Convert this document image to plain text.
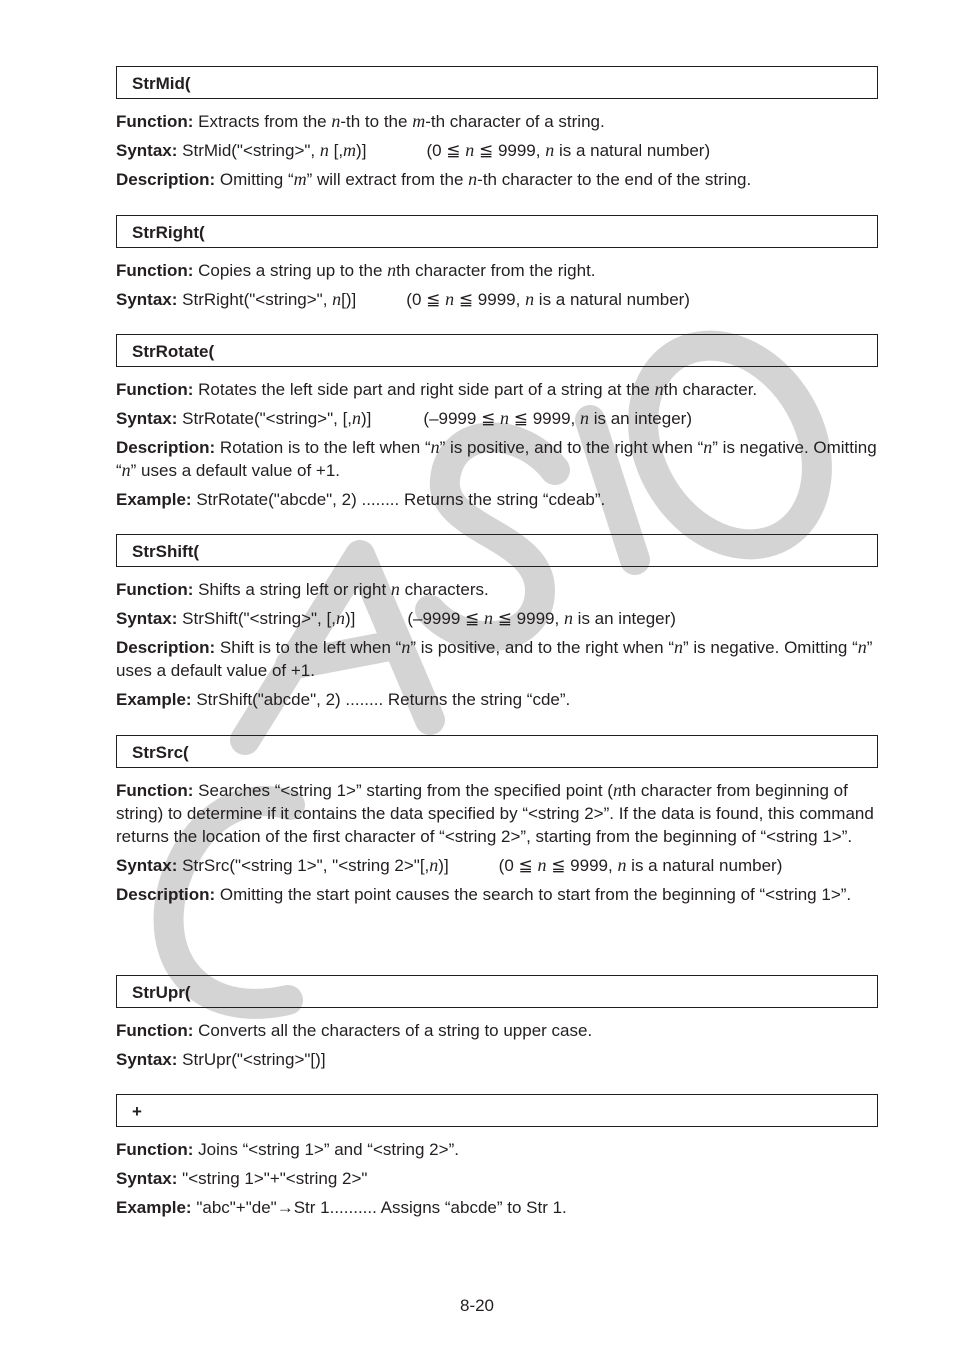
StrMid(
Function: Extracts from the n-th to the m-th character of a string.
Syntax: StrMid("<string>", n [,m)]	(0 ≦ n ≦ 9999, n is a natural number)
Description: Omitting “m” will extract from the n-th character to the end of the string.
StrRight(
Function: Copies a string up to the nth character from the right.
Syntax: StrRight("<string>", n[)]	(0 ≦ n ≦ 9999, n is a natural number)
StrRotate(
Function: Rotates the left side part and right side part of a string at the nth character.
Syntax: StrRotate("<string>", [,n)]	(–9999 ≦ n ≦ 9999, n is an integer)
Description: Rotation is to the left when “n” is positive, and to the right when “n” is negative. Omitting “n” uses a default value of +1.
Example: StrRotate("abcde", 2) ........ Returns the string “cdeab”.
StrShift(
Function: Shifts a string left or right n characters.
Syntax: StrShift("<string>", [,n)]	(–9999 ≦ n ≦ 9999, n is an integer)
Description: Shift is to the left when “n” is positive, and to the right when “n” is negative. Omitting “n” uses a default value of +1.
Example: StrShift("abcde", 2) ........ Returns the string “cde”.
StrSrc(
Function: Searches “<string 1>” starting from the specified point (nth character from beginning of string) to determine if it contains the data specified by “<string 2>”. If the data is found, this command returns the location of the first character of “<string 2>”, starting from the beginning of “<string 1>”.
Syntax: StrSrc("<string 1>", "<string 2>"[,n)]	(0 ≦ n ≦ 9999, n is a natural number)
Description: Omitting the start point causes the search to start from the beginning of “<string 1>”.
StrUpr(
Function: Converts all the characters of a string to upper case.
Syntax: StrUpr("<string>"[)]
+
Function: Joins “<string 1>” and “<string 2>”.
Syntax: "<string 1>"+"<string 2>"
Example: "abc"+"de"→Str 1.......... Assigns “abcde” to Str 1.
8-20
